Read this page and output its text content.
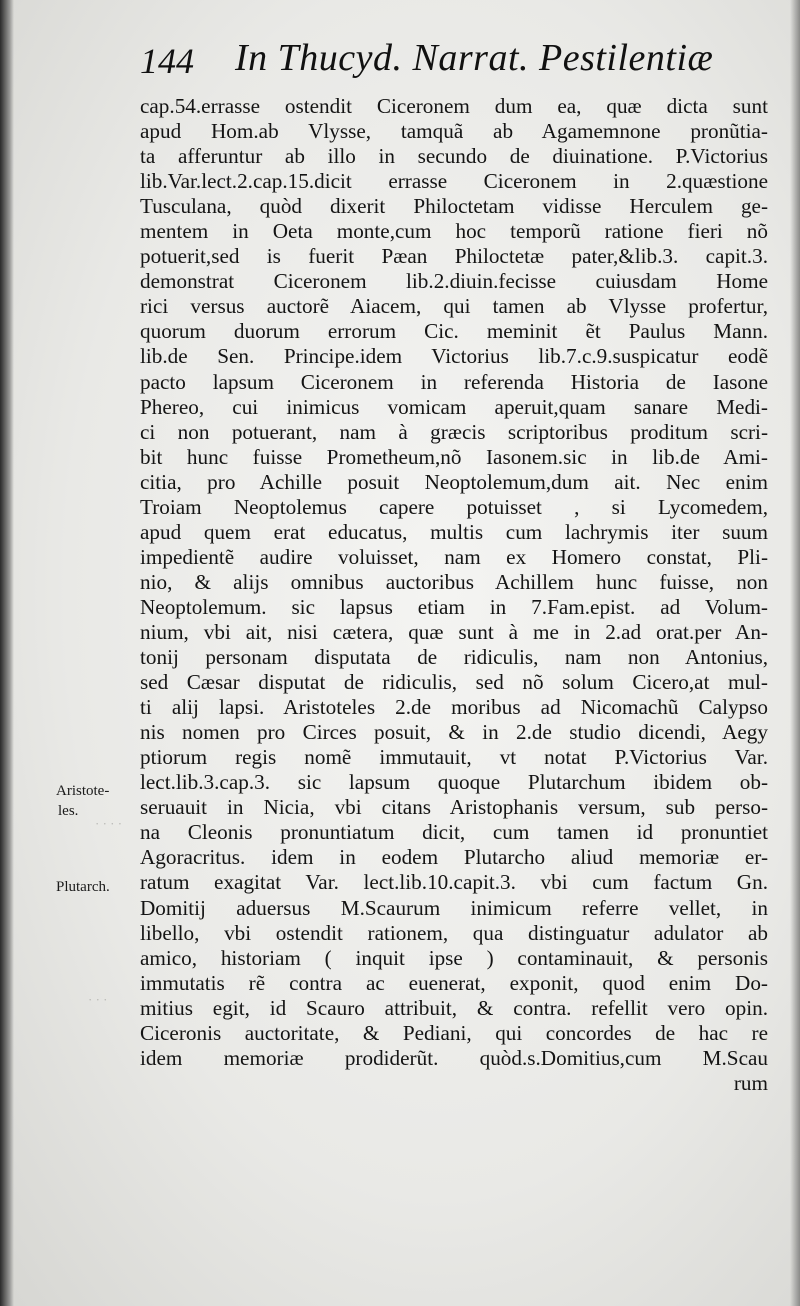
144 In Thucyd. Narrat. Pestilentiæ
cap.54.errasse ostendit Ciceronem dum ea, quæ dicta sunt
apud Hom.ab Vlysse, tamquã ab Agamemnone pronũtia-
ta afferuntur ab illo in secundo de diuinatione. P.Victorius
lib.Var.lect.2.cap.15.dicit errasse Ciceronem in 2.quæstione
Tusculana, quòd dixerit Philoctetam vidisse Herculem ge-
mentem in Oeta monte,cum hoc temporũ ratione fieri nõ
potuerit,sed is fuerit Pæan Philoctetæ pater,&lib.3. capit.3.
demonstrat Ciceronem lib.2.diuin.fecisse cuiusdam Home
rici versus auctorẽ Aiacem, qui tamen ab Vlysse profertur,
quorum duorum errorum Cic. meminit ẽt Paulus Mann.
lib.de Sen. Principe.idem Victorius lib.7.c.9.suspicatur eodẽ
pacto lapsum Ciceronem in referenda Historia de Iasone
Phereo, cui inimicus vomicam aperuit,quam sanare Medi-
ci non potuerant, nam à græcis scriptoribus proditum scri-
bit hunc fuisse Prometheum,nõ Iasonem.sic in lib.de Ami-
citia, pro Achille posuit Neoptolemum,dum ait. Nec enim
Troiam Neoptolemus capere potuisset , si Lycomedem,
apud quem erat educatus, multis cum lachrymis iter suum
impedientẽ audire voluisset, nam ex Homero constat, Pli-
nio, & alijs omnibus auctoribus Achillem hunc fuisse, non
Neoptolemum. sic lapsus etiam in 7.Fam.epist. ad Volum-
nium, vbi ait, nisi cætera, quæ sunt à me in 2.ad orat.per An-
tonij personam disputata de ridiculis, nam non Antonius,
sed Cæsar disputat de ridiculis, sed nõ solum Cicero,at mul-
ti alij lapsi. Aristoteles 2.de moribus ad Nicomachũ Calypso
nis nomen pro Circes posuit, & in 2.de studio dicendi, Aegy
ptiorum regis nomẽ immutauit, vt notat P.Victorius Var.
lect.lib.3.cap.3. sic lapsum quoque Plutarchum ibidem ob-
seruauit in Nicia, vbi citans Aristophanis versum, sub perso-
na Cleonis pronuntiatum dicit, cum tamen id pronuntiet
Agoracritus. idem in eodem Plutarcho aliud memoriæ er-
ratum exagitat Var. lect.lib.10.capit.3. vbi cum factum Gn.
Domitij aduersus M.Scaurum inimicum referre vellet, in
libello, vbi ostendit rationem, qua distinguatur adulator ab
amico, historiam ( inquit ipse ) contaminauit, & personis
immutatis rẽ contra ac euenerat, exponit, quod enim Do-
mitius egit, id Scauro attribuit, & contra. refellit vero opin.
Ciceronis auctoritate, & Pediani, qui concordes de hac re
idem memoriæ prodiderũt. quòd.s.Domitius,cum M.Scau
rum
Aristote-
les.
Plutarch.
· · · ·
· · ·
